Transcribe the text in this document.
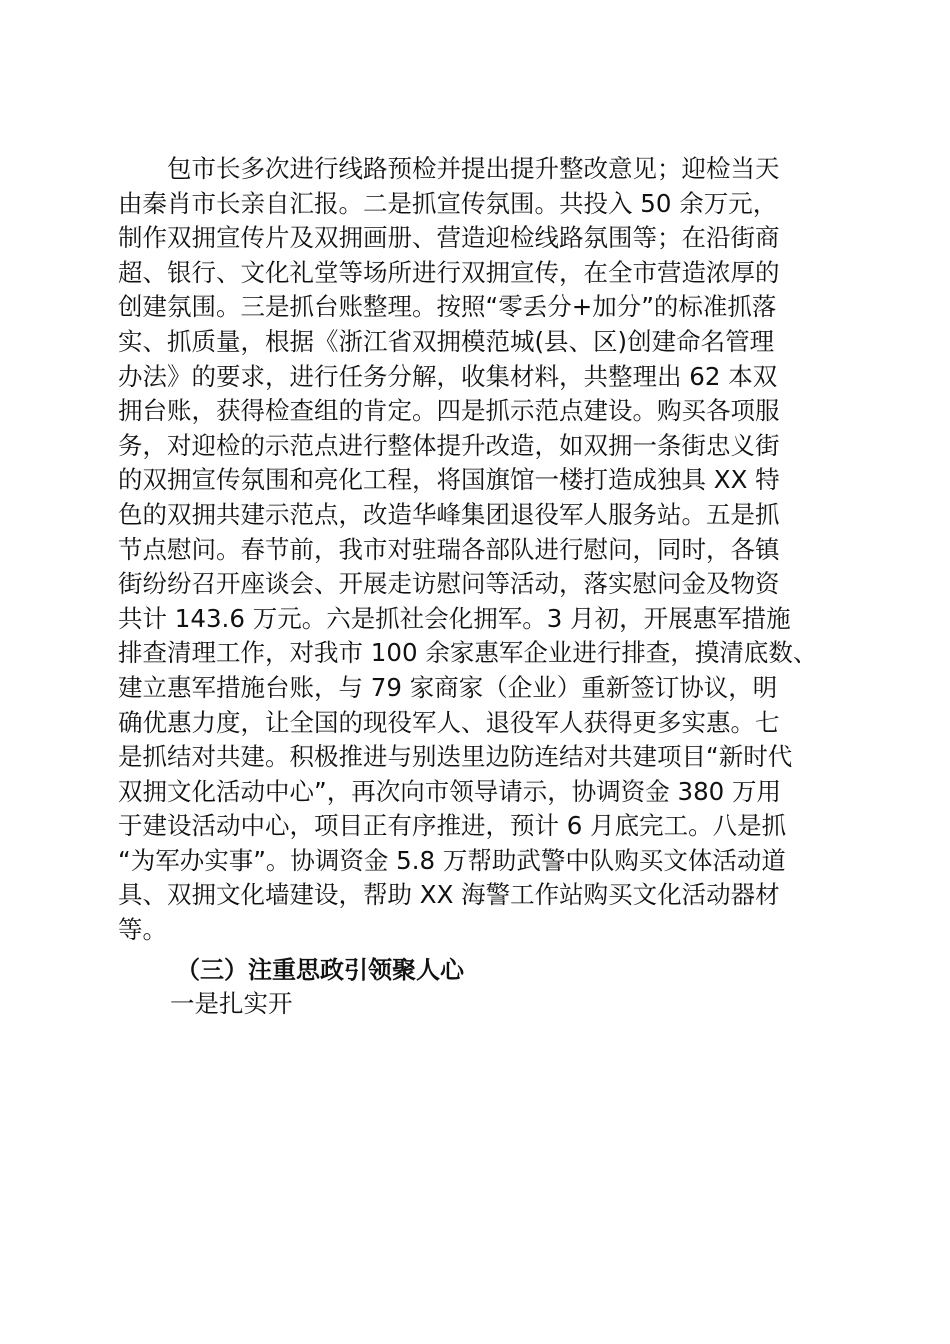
　　包市长多次进行线路预检并提出提升整改意见；迎检当天
由秦肖市长亲自汇报。二是抓宣传氛围。共投入 50 余万元，
制作双拥宣传片及双拥画册、营造迎检线路氛围等；在沿街商
超、银行、文化礼堂等场所进行双拥宣传，在全市营造浓厚的
创建氛围。三是抓台账整理。按照“零丢分+加分”的标准抓落
实、抓质量，根据《浙江省双拥模范城(县、区)创建命名管理
办法》的要求，进行任务分解，收集材料，共整理出 62 本双
拥台账，获得检查组的肯定。四是抓示范点建设。购买各项服
务，对迎检的示范点进行整体提升改造，如双拥一条街忠义街
的双拥宣传氛围和亮化工程，将国旗馆一楼打造成独具 XX 特
色的双拥共建示范点，改造华峰集团退役军人服务站。五是抓
节点慰问。春节前，我市对驻瑞各部队进行慰问，同时，各镇
街纷纷召开座谈会、开展走访慰问等活动，落实慰问金及物资
共计 143.6 万元。六是抓社会化拥军。3 月初，开展惠军措施
排查清理工作，对我市 100 余家惠军企业进行排查，摸清底数、
建立惠军措施台账，与 79 家商家（企业）重新签订协议，明
确优惠力度，让全国的现役军人、退役军人获得更多实惠。七
是抓结对共建。积极推进与别迭里边防连结对共建项目“新时代
双拥文化活动中心”，再次向市领导请示，协调资金 380 万用
于建设活动中心，项目正有序推进，预计 6 月底完工。八是抓
“为军办实事”。协调资金 5.8 万帮助武警中队购买文体活动道
具、双拥文化墙建设，帮助 XX 海警工作站购买文化活动器材
等。
（三）注重思政引领聚人心
一是扎实开
